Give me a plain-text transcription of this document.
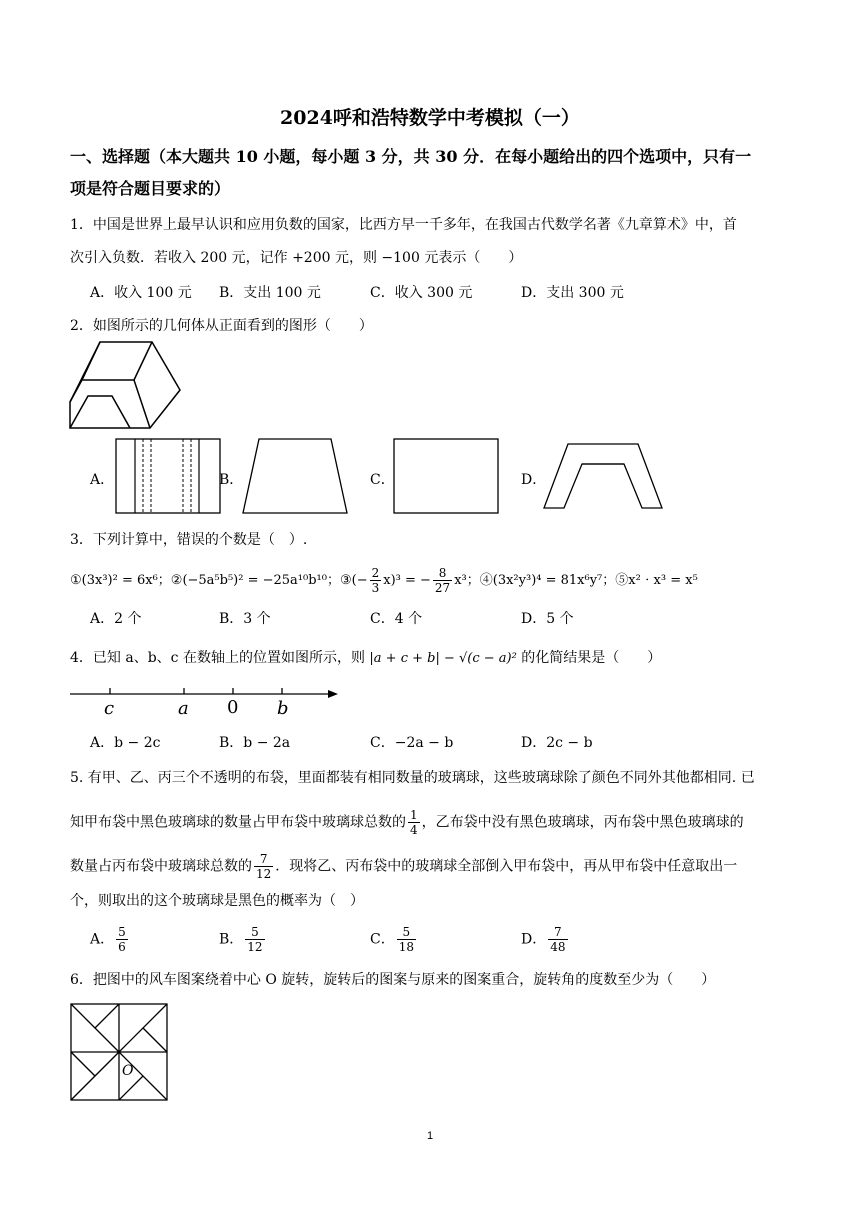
2024呼和浩特数学中考模拟（一）
一、选择题（本大题共 10 小题，每小题 3 分，共 30 分．在每小题给出的四个选项中，只有一
项是符合题目要求的）
1．中国是世界上最早认识和应用负数的国家，比西方早一千多年，在我国古代数学名著《九章算术》中，首
次引入负数．若收入 200 元，记作 +200 元，则 −100 元表示（　　）
A．收入 100 元 B．支出 100 元	C．收入 300 元	D．支出 300 元
2．如图所示的几何体从正面看到的图形（　　）
A．	B．	C．	D．
3．下列计算中，错误的个数是（　）.
①(3x³)² = 6x⁶；②(−5a⁵b⁵)² = −25a¹⁰b¹⁰；③(− $\frac{2}{3} x)^3$ = − $\frac{8}{27} x^3$；④(3x²y³)⁴ = 81x⁶y⁷；⑤x² ⋅ x³ = x⁵
A．2 个	B．3 个	C．4 个	D．5 个
4．已知 a、b、c 在数轴上的位置如图所示，则 |a + c + b| − √(c − a)² 的化简结果是（　　）
c	a 0 b
A．b − 2c	B．b − 2a	C．−2a − b	D．2c − b
5. 有甲、乙、丙三个不透明的布袋，里面都装有相同数量的玻璃球，这些玻璃球除了颜色不同外其他都相同. 已
知甲布袋中黑色玻璃球的数量占甲布袋中玻璃球总数的 $\frac{1}{4}$ ，乙布袋中没有黑色玻璃球，丙布袋中黑色玻璃球的
数量占丙布袋中玻璃球总数的 $\frac{7}{12}$ ．现将乙、丙布袋中的玻璃球全部倒入甲布袋中，再从甲布袋中任意取出一
个，则取出的这个玻璃球是黑色的概率为（　）
A． $\frac{5}{6}$	B． $\frac{5}{12}$	C． $\frac{5}{18}$	D． $\frac{7}{48}$
6．把图中的风车图案绕着中心 O 旋转，旋转后的图案与原来的图案重合，旋转角的度数至少为（　　）
O
1
